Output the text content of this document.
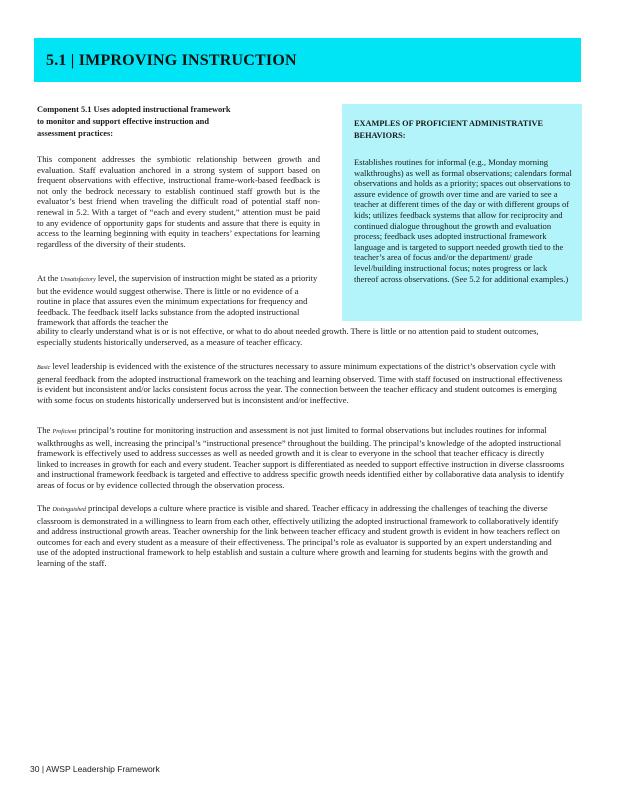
5.1 | IMPROVING INSTRUCTION

Component 5.1 Uses adopted instructional framework to monitor and support effective instruction and assessment practices:

This component addresses the symbiotic relationship between growth and evaluation. Staff evaluation anchored in a strong system of support based on frequent observations with effective, instructional frame-work-based feedback is not only the bedrock necessary to establish continued staff growth but is the evaluator’s best friend when traveling the difficult road of potential staff non-renewal in 5.2. With a target of “each and every student,” attention must be paid to any evidence of opportunity gaps for students and assure that there is equity in access to the learning beginning with equity in teachers’ expectations for learning regardless of the diversity of their students.

At the Unsatisfactory level, the supervision of instruction might be stated as a priority but the evidence would suggest otherwise. There is little or no evidence of a routine in place that assures even the minimum expectations for frequency and feedback. The feedback itself lacks substance from the adopted instructional framework that affords the teacher the

ability to clearly understand what is or is not effective, or what to do about needed growth. There is little or no attention paid to student outcomes, especially students historically underserved, as a measure of teacher efficacy.

EXAMPLES OF PROFICIENT ADMINISTRATIVE BEHAVIORS:
Establishes routines for informal (e.g., Monday morning walkthroughs) as well as formal observations; calendars formal observations and holds as a priority; spaces out observations to assure evidence of growth over time and are varied to see a teacher at different times of the day or with different groups of kids; utilizes feedback systems that allow for reciprocity and continued dialogue throughout the growth and evaluation process; feedback uses adopted instructional framework language and is targeted to support needed growth tied to the teacher’s area of focus and/or the department/ grade level/building instructional focus; notes progress or lack thereof across observations. (See 5.2 for additional examples.)

Basic level leadership is evidenced with the existence of the structures necessary to assure minimum expectations of the district’s observation cycle with general feedback from the adopted instructional framework on the teaching and learning observed. Time with staff focused on instructional effectiveness is evident but inconsistent and/or lacks consistent focus across the year. The connection between the teacher efficacy and student outcomes is emerging with some focus on students historically underserved but is inconsistent and/or ineffective.

The Proficient principal’s routine for monitoring instruction and assessment is not just limited to formal observations but includes routines for informal walkthroughs as well, increasing the principal’s “instructional presence” throughout the building. The principal’s knowledge of the adopted instructional framework is effectively used to address successes as well as needed growth and it is clear to everyone in the school that teacher efficacy is directly linked to increases in growth for each and every student. Teacher support is differentiated as needed to support effective instruction in diverse classrooms and instructional framework feedback is targeted and effective to address specific growth needs identified either by collaborative data analysis to identify areas of focus or by evidence collected through the observation process.

The Distinguished principal develops a culture where practice is visible and shared. Teacher efficacy in addressing the challenges of teaching the diverse classroom is demonstrated in a willingness to learn from each other, effectively utilizing the adopted instructional framework to collaboratively identify and address instructional growth areas. Teacher ownership for the link between teacher efficacy and student growth is evident in how teachers reflect on outcomes for each and every student as a measure of their effectiveness. The principal’s role as evaluator is supported by an expert understanding and use of the adopted instructional framework to help establish and sustain a culture where growth and learning for students begins with the growth and learning of the staff.

30 | AWSP Leadership Framework
